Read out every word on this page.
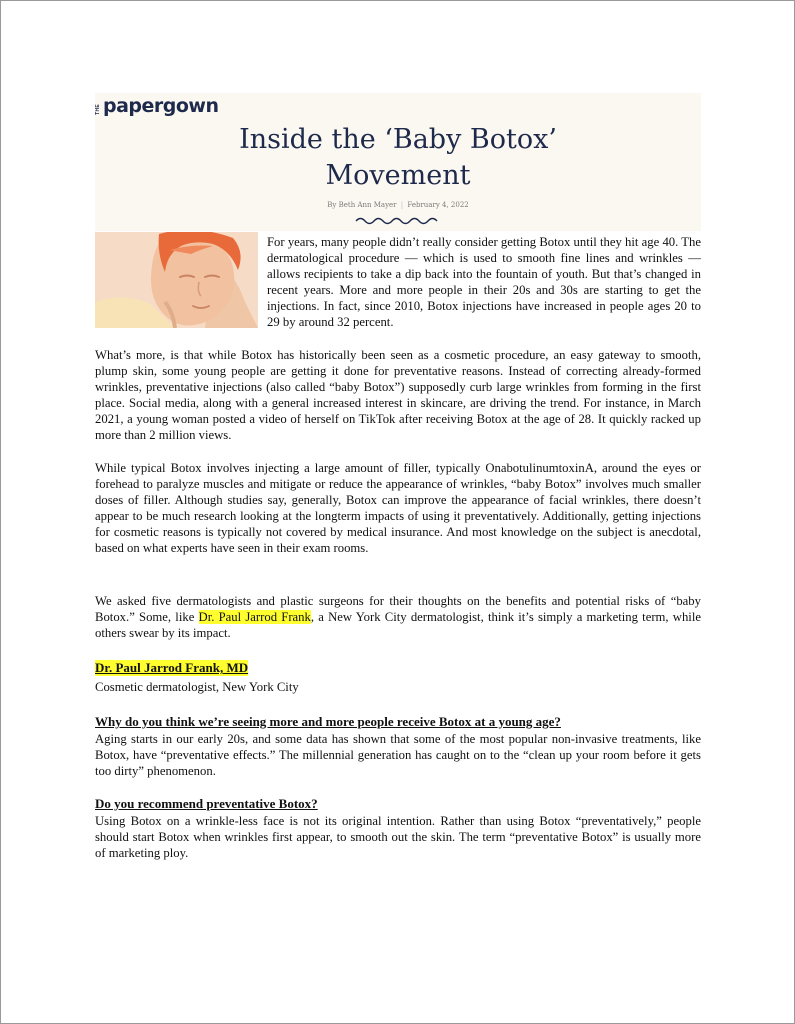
THE papergown
Inside the ‘Baby Botox’
Movement
By Beth Ann Mayer | February 4, 2022

For years, many people didn’t really consider getting Botox until they hit age 40. The dermatological procedure — which is used to smooth fine lines and wrinkles — allows recipients to take a dip back into the fountain of youth. But that’s changed in recent years. More and more people in their 20s and 30s are starting to get the injections. In fact, since 2010, Botox injections have increased in people ages 20 to 29 by around 32 percent.

What’s more, is that while Botox has historically been seen as a cosmetic procedure, an easy gateway to smooth, plump skin, some young people are getting it done for preventative reasons. Instead of correcting already-formed wrinkles, preventative injections (also called “baby Botox”) supposedly curb large wrinkles from forming in the first place. Social media, along with a general increased interest in skincare, are driving the trend. For instance, in March 2021, a young woman posted a video of herself on TikTok after receiving Botox at the age of 28. It quickly racked up more than 2 million views.

While typical Botox involves injecting a large amount of filler, typically OnabotulinumtoxinA, around the eyes or forehead to paralyze muscles and mitigate or reduce the appearance of wrinkles, “baby Botox” involves much smaller doses of filler. Although studies say, generally, Botox can improve the appearance of facial wrinkles, there doesn’t appear to be much research looking at the longterm impacts of using it preventatively. Additionally, getting injections for cosmetic reasons is typically not covered by medical insurance. And most knowledge on the subject is anecdotal, based on what experts have seen in their exam rooms.

We asked five dermatologists and plastic surgeons for their thoughts on the benefits and potential risks of “baby Botox.” Some, like Dr. Paul Jarrod Frank, a New York City dermatologist, think it’s simply a marketing term, while others swear by its impact.

Dr. Paul Jarrod Frank, MD
Cosmetic dermatologist, New York City
Why do you think we’re seeing more and more people receive Botox at a young age?

Aging starts in our early 20s, and some data has shown that some of the most popular non-invasive treatments, like Botox, have “preventative effects.” The millennial generation has caught on to the “clean up your room before it gets too dirty” phenomenon.

Do you recommend preventative Botox?

Using Botox on a wrinkle-less face is not its original intention. Rather than using Botox “preventatively,” people should start Botox when wrinkles first appear, to smooth out the skin. The term “preventative Botox” is usually more of marketing ploy.
